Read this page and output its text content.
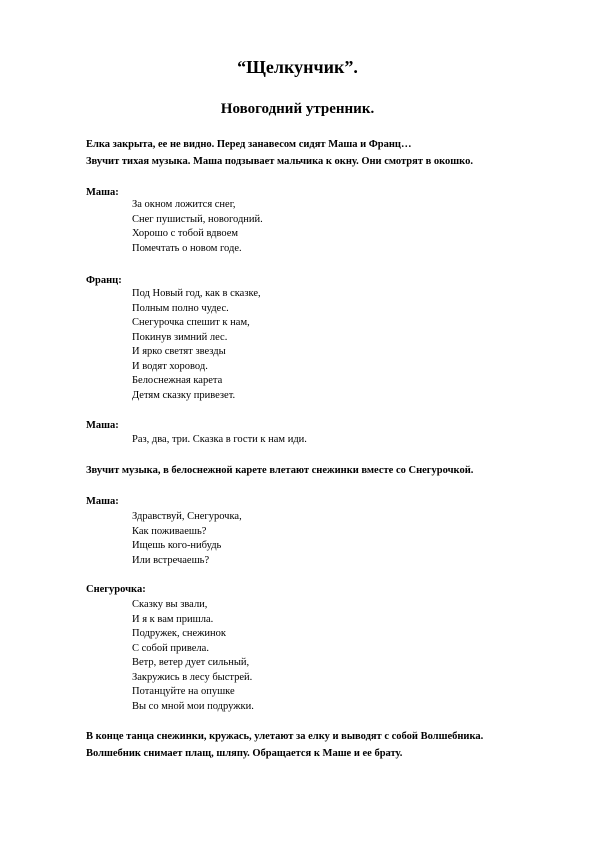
“Щелкунчик”.
Новогодний утренник.

Елка закрыта, ее не видно. Перед занавесом сидят Маша и Франц…

Звучит тихая музыка. Маша подзывает мальчика к окну. Они смотрят в окошко.

Маша:

За окном ложится снег,
Снег пушистый, новогодний.
Хорошо с тобой вдвоем
Помечтать о новом годе.

Франц:

Под Новый год, как в сказке,
Полным полно чудес.
Снегурочка спешит к нам,
Покинув зимний лес.
И ярко светят звезды
И водят хоровод.
Белоснежная карета
Детям сказку привезет.

Маша:

Раз, два, три. Сказка в гости к нам иди.

Звучит музыка, в белоснежной карете влетают снежинки вместе со Снегурочкой.

Маша:

Здравствуй, Снегурочка,
Как поживаешь?
Ищешь кого-нибудь
Или встречаешь?

Снегурочка:

Сказку вы звали,
И я к вам пришла.
Подружек, снежинок
С собой привела.
Ветр, ветер дует сильный,
Закружись в лесу быстрей.
Потанцуйте на опушке
Вы со мной мои подружки.

В конце танца снежинки, кружась, улетают за елку и выводят с собой Волшебника.

Волшебник снимает плащ, шляпу. Обращается к Маше и ее брату.
